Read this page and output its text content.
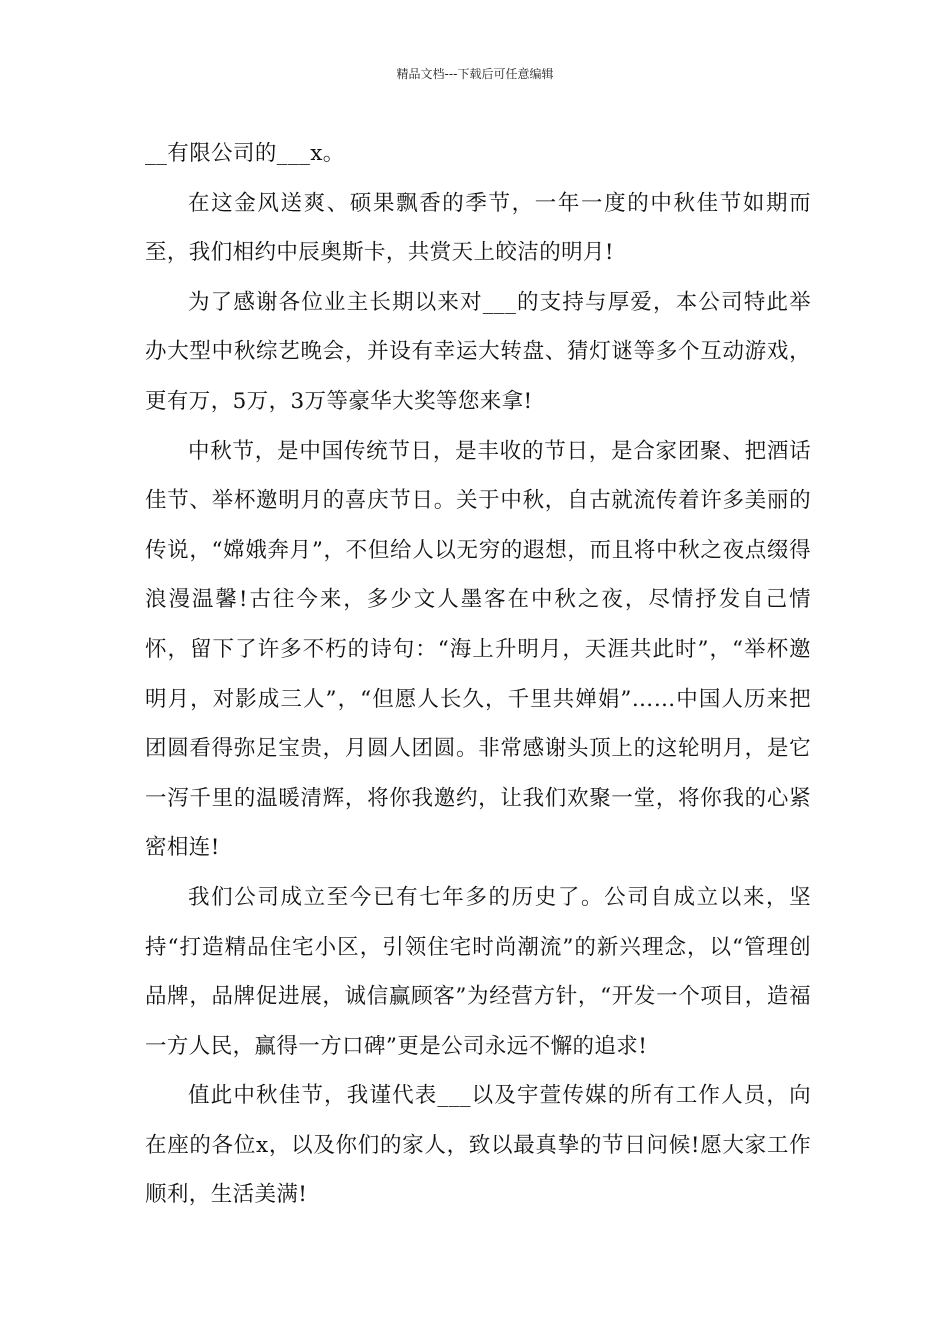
精品文档---下载后可任意编辑

__有限公司的___x。

在这金风送爽、硕果飘香的季节，一年一度的中秋佳节如期而至，我们相约中辰奥斯卡，共赏天上皎洁的明月!

为了感谢各位业主长期以来对___的支持与厚爱，本公司特此举办大型中秋综艺晚会，并设有幸运大转盘、猜灯谜等多个互动游戏，更有万，5万，3万等豪华大奖等您来拿!

中秋节，是中国传统节日，是丰收的节日，是合家团聚、把酒话佳节、举杯邀明月的喜庆节日。关于中秋，自古就流传着许多美丽的传说，“嫦娥奔月”，不但给人以无穷的遐想，而且将中秋之夜点缀得浪漫温馨!古往今来，多少文人墨客在中秋之夜，尽情抒发自己情怀，留下了许多不朽的诗句：“海上升明月，天涯共此时”，“举杯邀明月，对影成三人”，“但愿人长久，千里共婵娟”……中国人历来把团圆看得弥足宝贵，月圆人团圆。非常感谢头顶上的这轮明月，是它一泻千里的温暖清辉，将你我邀约，让我们欢聚一堂，将你我的心紧密相连!

我们公司成立至今已有七年多的历史了。公司自成立以来，坚持“打造精品住宅小区，引领住宅时尚潮流”的新兴理念，以“管理创品牌，品牌促进展，诚信赢顾客”为经营方针，“开发一个项目，造福一方人民，赢得一方口碑”更是公司永远不懈的追求!

值此中秋佳节，我谨代表___以及宇萱传媒的所有工作人员，向在座的各位x，以及你们的家人，致以最真挚的节日问候!愿大家工作顺利，生活美满!
